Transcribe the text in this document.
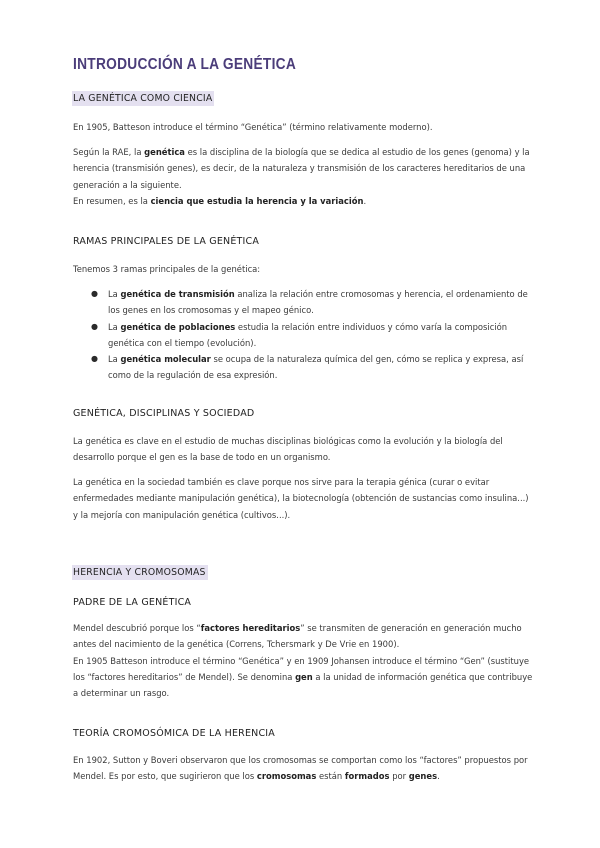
INTRODUCCIÓN A LA GENÉTICA
LA GENÉTICA COMO CIENCIA
En 1905, Batteson introduce el término “Genética” (término relativamente moderno).
Según la RAE, la genética es la disciplina de la biología que se dedica al estudio de los genes (genoma) y la herencia (transmisión genes), es decir, de la naturaleza y transmisión de los caracteres hereditarios de una generación a la siguiente.
En resumen, es la ciencia que estudia la herencia y la variación.
RAMAS PRINCIPALES DE LA GENÉTICA
Tenemos 3 ramas principales de la genética:
● La genética de transmisión analiza la relación entre cromosomas y herencia, el ordenamiento de los genes en los cromosomas y el mapeo génico.
● La genética de poblaciones estudia la relación entre individuos y cómo varía la composición genética con el tiempo (evolución).
● La genética molecular se ocupa de la naturaleza química del gen, cómo se replica y expresa, así como de la regulación de esa expresión.
GENÉTICA, DISCIPLINAS Y SOCIEDAD
La genética es clave en el estudio de muchas disciplinas biológicas como la evolución y la biología del desarrollo porque el gen es la base de todo en un organismo.
La genética en la sociedad también es clave porque nos sirve para la terapia génica (curar o evitar enfermedades mediante manipulación genética), la biotecnología (obtención de sustancias como insulina...) y la mejoría con manipulación genética (cultivos...).
HERENCIA Y CROMOSOMAS
PADRE DE LA GENÉTICA
Mendel descubrió porque los “factores hereditarios” se transmiten de generación en generación mucho antes del nacimiento de la genética (Correns, Tchersmark y De Vrie en 1900).
En 1905 Batteson introduce el término “Genética” y en 1909 Johansen introduce el término “Gen” (sustituye los “factores hereditarios” de Mendel). Se denomina gen a la unidad de información genética que contribuye a determinar un rasgo.
TEORÍA CROMOSÓMICA DE LA HERENCIA
En 1902, Sutton y Boveri observaron que los cromosomas se comportan como los “factores” propuestos por Mendel. Es por esto, que sugirieron que los cromosomas están formados por genes.
